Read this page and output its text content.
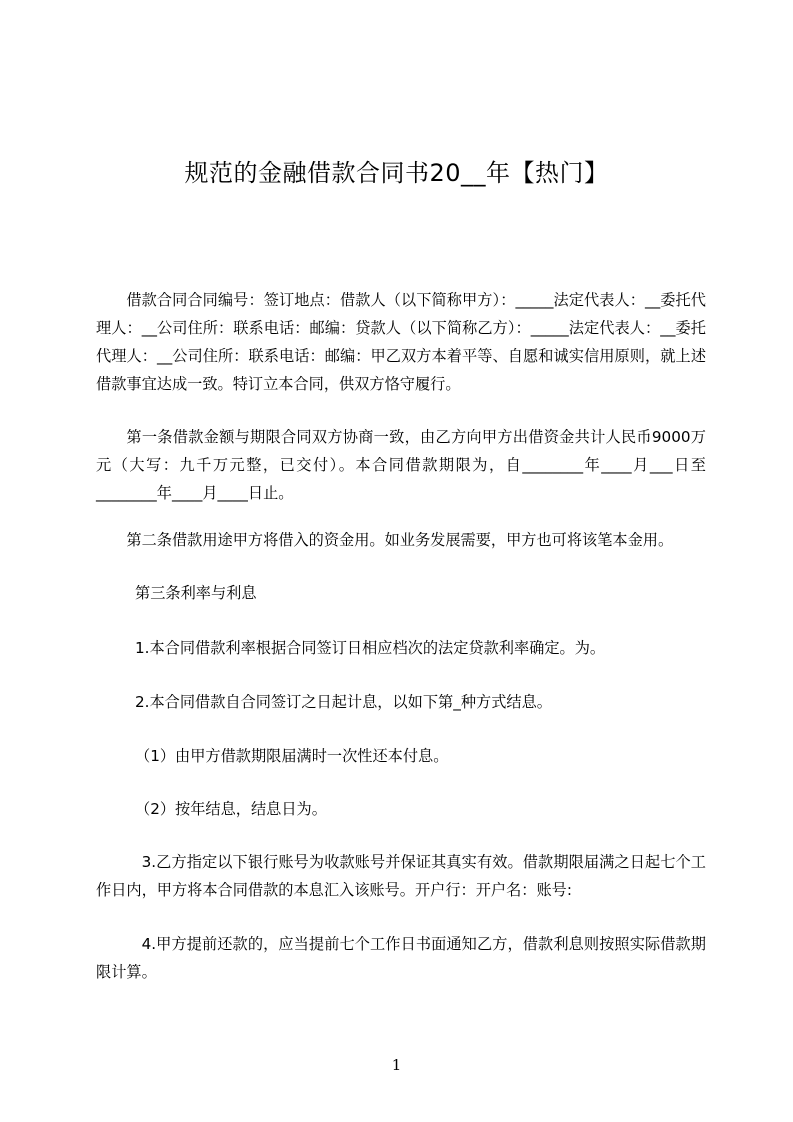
规范的金融借款合同书20__年【热门】

借款合同合同编号：签订地点：借款人（以下简称甲方）：_____法定代表人：__委托代理人：__公司住所：联系电话：邮编：贷款人（以下简称乙方）：_____法定代表人：__委托代理人：__公司住所：联系电话：邮编：甲乙双方本着平等、自愿和诚实信用原则，就上述借款事宜达成一致。特订立本合同，供双方恪守履行。

第一条借款金额与期限合同双方协商一致，由乙方向甲方出借资金共计人民币9000万元（大写：九千万元整，已交付）。本合同借款期限为，自________年____月___日至________年____月____日止。

第二条借款用途甲方将借入的资金用。如业务发展需要，甲方也可将该笔本金用。

第三条利率与利息

1.本合同借款利率根据合同签订日相应档次的法定贷款利率确定。为。

2.本合同借款自合同签订之日起计息，以如下第_种方式结息。

（1）由甲方借款期限届满时一次性还本付息。

（2）按年结息，结息日为。

3.乙方指定以下银行账号为收款账号并保证其真实有效。借款期限届满之日起七个工作日内，甲方将本合同借款的本息汇入该账号。开户行：开户名：账号:

4.甲方提前还款的，应当提前七个工作日书面通知乙方，借款利息则按照实际借款期限计算。

1
